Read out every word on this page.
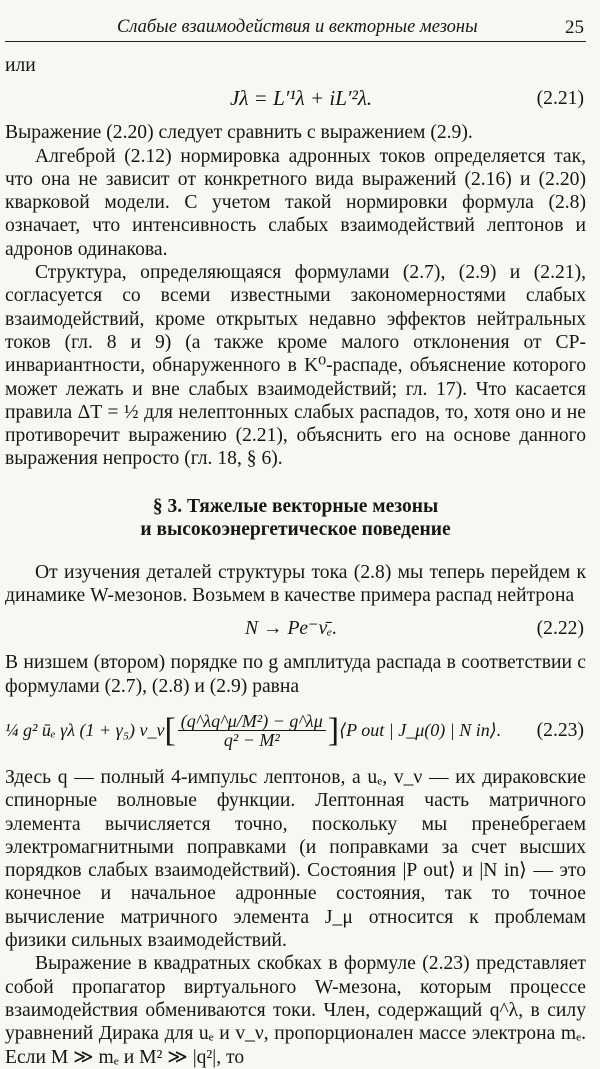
Слабые взаимодействия и векторные мезоны	25

или

Jλ = L′¹λ + iL′²λ.	(2.21)

Выражение (2.20) следует сравнить с выражением (2.9).

Алгеброй (2.12) нормировка адронных токов определяется так, что она не зависит от конкретного вида выражений (2.16) и (2.20) кварковой модели. С учетом такой нормировки формула (2.8) означает, что интенсивность слабых взаимодействий лептонов и адронов одинакова.

Структура, определяющаяся формулами (2.7), (2.9) и (2.21), согласуется со всеми известными закономерностями слабых взаимодействий, кроме открытых недавно эффектов нейтральных токов (гл. 8 и 9) (а также кроме малого отклонения от CP-инвариантности, обнаруженного в K⁰-распаде, объяснение которого может лежать и вне слабых взаимодействий; гл. 17). Что касается правила ΔT = ½ для нелептонных слабых распадов, то, хотя оно и не противоречит выражению (2.21), объяснить его на основе данного выражения непросто (гл. 18, § 6).

§ 3. Тяжелые векторные мезоны
и высокоэнергетическое поведение

От изучения деталей структуры тока (2.8) мы теперь перейдем к динамике W-мезонов. Возьмем в качестве примера распад нейтрона

N → Pe⁻ν̄ₑ.	(2.22)

В низшем (втором) порядке по g амплитуда распада в соответствии с формулами (2.7), (2.8) и (2.9) равна

¼ g² ūₑ γλ (1 + γ₅) v_ν [ $\frac{\text{(q\textasciicircum{}λq\textasciicircum{}μ/M²) − g\textasciicircum{}λμ}}{\text{q² − M²}}$ ] ⟨P out | J_μ(0) | N in⟩. (2.23)

Здесь q — полный 4-импульс лептонов, а uₑ, v_ν — их дираковские спинорные волновые функции. Лептонная часть матричного элемента вычисляется точно, поскольку мы пренебрегаем электромагнитными поправками (и поправками за счет высших порядков слабых взаимодействий). Состояния |P out⟩ и |N in⟩ — это конечное и начальное адронные состояния, так то точное вычисление матричного элемента J_μ относится к проблемам физики сильных взаимодействий.

Выражение в квадратных скобках в формуле (2.23) представляет собой пропагатор виртуального W-мезона, которым процессе взаимодействия обмениваются токи. Член, содержащий q^λ, в силу уравнений Дирака для uₑ и v_ν, пропорционален массе электрона mₑ. Если M ≫ mₑ и M² ≫ |q²|, то
